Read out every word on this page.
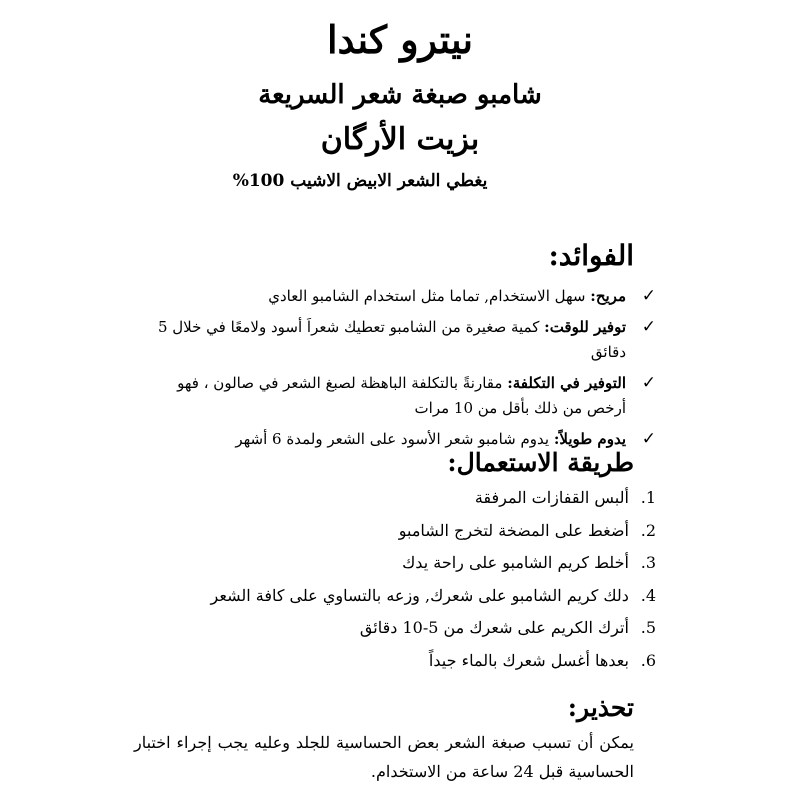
نيترو كندا
شامبو صبغة شعر السريعة
بزيت الأرگان
يغطي الشعر الابيض الاشيب 100%
الفوائد:
✓
مريح: سهل الاستخدام, تماما مثل استخدام الشامبو العادي
✓
توفير للوقت: كمية صغيرة من الشامبو تعطيك شعراَ أسود ولامعًا في خلال 5 دقائق
✓
التوفير في التكلفة: مقارنةً بالتكلفة الباهظة لصبغ الشعر في صالون ، فهو أرخص من ذلك بأقل من 10 مرات
✓
يدوم طويلاً: يدوم شامبو شعر الأسود على الشعر ولمدة 6 أشهر
طريقة الاستعمال:
1. ألبس القفازات المرفقة
2. أضغط على المضخة لتخرج الشامبو
3. أخلط كريم الشامبو على راحة يدك
4. دلك كريم الشامبو على شعرك, وزعه بالتساوي على كافة الشعر
5. أترك الكريم على شعرك من 5-10 دقائق
6. بعدها أغسل شعرك بالماء جيداً
تحذير:
يمكن أن تسبب صبغة الشعر بعض الحساسية للجلد وعليه يجب إجراء اختبار الحساسية قبل 24 ساعة من الاستخدام.
